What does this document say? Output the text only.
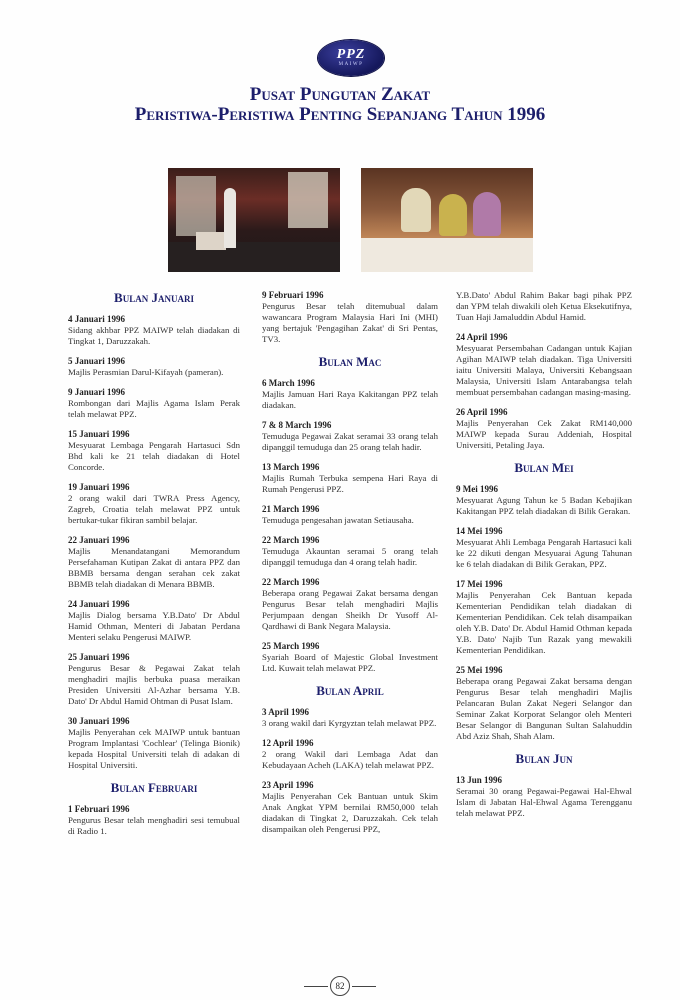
PPZ
MAIWP
Pusat Pungutan Zakat
Peristiwa-Peristiwa Penting Sepanjang Tahun 1996
Bulan Januari
4 Januari 1996
Sidang akhbar PPZ MAIWP telah diadakan di Tingkat 1, Daruzzakah.
5 Januari 1996
Majlis Perasmian Darul-Kifayah (pameran).
9 Januari 1996
Rombongan dari Majlis Agama Islam Perak telah melawat PPZ.
15 Januari 1996
Mesyuarat Lembaga Pengarah Hartasuci Sdn Bhd kali ke 21 telah diadakan di Hotel Concorde.
19 Januari 1996
2 orang wakil dari TWRA Press Agency, Zagreb, Croatia telah melawat PPZ untuk bertukar-tukar fikiran sambil belajar.
22 Januari 1996
Majlis Menandatangani Memorandum Persefahaman Kutipan Zakat di antara PPZ dan BBMB bersama dengan serahan cek zakat BBMB telah diadakan di Menara BBMB.
24 Januari 1996
Majlis Dialog bersama Y.B.Dato' Dr Abdul Hamid Othman, Menteri di Jabatan Perdana Menteri selaku Pengerusi MAIWP.
25 Januari 1996
Pengurus Besar & Pegawai Zakat telah menghadiri majlis berbuka puasa meraikan Presiden Universiti Al-Azhar bersama Y.B. Dato' Dr Abdul Hamid Ohtman di Pusat Islam.
30 Januari 1996
Majlis Penyerahan cek MAIWP untuk bantuan Program Implantasi 'Cochlear' (Telinga Bionik) kepada Hospital Universiti telah di adakan di Hospital Universiti.
Bulan Februari
1 Februari 1996
Pengurus Besar telah menghadiri sesi temubual di Radio 1.
9 Februari 1996
Pengurus Besar telah ditemubual dalam wawancara Program Malaysia Hari Ini (MHI) yang bertajuk 'Pengagihan Zakat' di Sri Pentas, TV3.
Bulan Mac
6 March 1996
Majlis Jamuan Hari Raya Kakitangan PPZ telah diadakan.
7 & 8 March 1996
Temuduga Pegawai Zakat seramai 33 orang telah dipanggil temuduga dan 25 orang telah hadir.
13 March 1996
Majlis Rumah Terbuka sempena Hari Raya di Rumah Pengerusi PPZ.
21 March 1996
Temuduga pengesahan jawatan Setiausaha.
22 March 1996
Temuduga Akauntan seramai 5 orang telah dipanggil temuduga dan 4 orang telah hadir.
22 March 1996
Beberapa orang Pegawai Zakat bersama dengan Pengurus Besar telah menghadiri Majlis Perjumpaan dengan Sheikh Dr Yusoff Al-Qardhawi di Bank Negara Malaysia.
25 March 1996
Syariah Board of Majestic Global Investment Ltd. Kuwait telah melawat PPZ.
Bulan April
3 April 1996
3 orang wakil dari Kyrgyztan telah melawat PPZ.
12 April 1996
2 orang Wakil dari Lembaga Adat dan Kebudayaan Acheh (LAKA) telah melawat PPZ.
23 April 1996
Majlis Penyerahan Cek Bantuan untuk Skim Anak Angkat YPM bernilai RM50,000 telah diadakan di Tingkat 2, Daruzzakah. Cek telah disampaikan oleh Pengerusi PPZ,
Y.B.Dato' Abdul Rahim Bakar bagi pihak PPZ dan YPM telah diwakili oleh Ketua Eksekutifnya, Tuan Haji Jamaluddin Abdul Hamid.
24 April 1996
Mesyuarat Persembahan Cadangan untuk Kajian Agihan MAIWP telah diadakan. Tiga Universiti iaitu Universiti Malaya, Universiti Kebangsaan Malaysia, Universiti Islam Antarabangsa telah membuat persembahan cadangan masing-masing.
26 April 1996
Majlis Penyerahan Cek Zakat RM140,000 MAIWP kepada Surau Addeniah, Hospital Universiti, Petaling Jaya.
Bulan Mei
9 Mei 1996
Mesyuarat Agung Tahun ke 5 Badan Kebajikan Kakitangan PPZ telah diadakan di Bilik Gerakan.
14 Mei 1996
Mesyuarat Ahli Lembaga Pengarah Hartasuci kali ke 22 dikuti dengan Mesyuarai Agung Tahunan ke 6 telah diadakan di Bilik Gerakan, PPZ.
17 Mei 1996
Majlis Penyerahan Cek Bantuan kepada Kementerian Pendidikan telah diadakan di Kementerian Pendidikan. Cek telah disampaikan oleh Y.B. Dato' Dr. Abdul Hamid Othman kepada Y.B. Dato' Najib Tun Razak yang mewakili Kementerian Pendidikan.
25 Mei 1996
Beberapa orang Pegawai Zakat bersama dengan Pengurus Besar telah menghadiri Majlis Pelancaran Bulan Zakat Negeri Selangor dan Seminar Zakat Korporat Selangor oleh Menteri Besar Selangor di Bangunan Sultan Salahuddin Abd Aziz Shah, Shah Alam.
Bulan Jun
13 Jun 1996
Seramai 30 orang Pegawai-Pegawai Hal-Ehwal Islam di Jabatan Hal-Ehwal Agama Terengganu telah melawat PPZ.
82
